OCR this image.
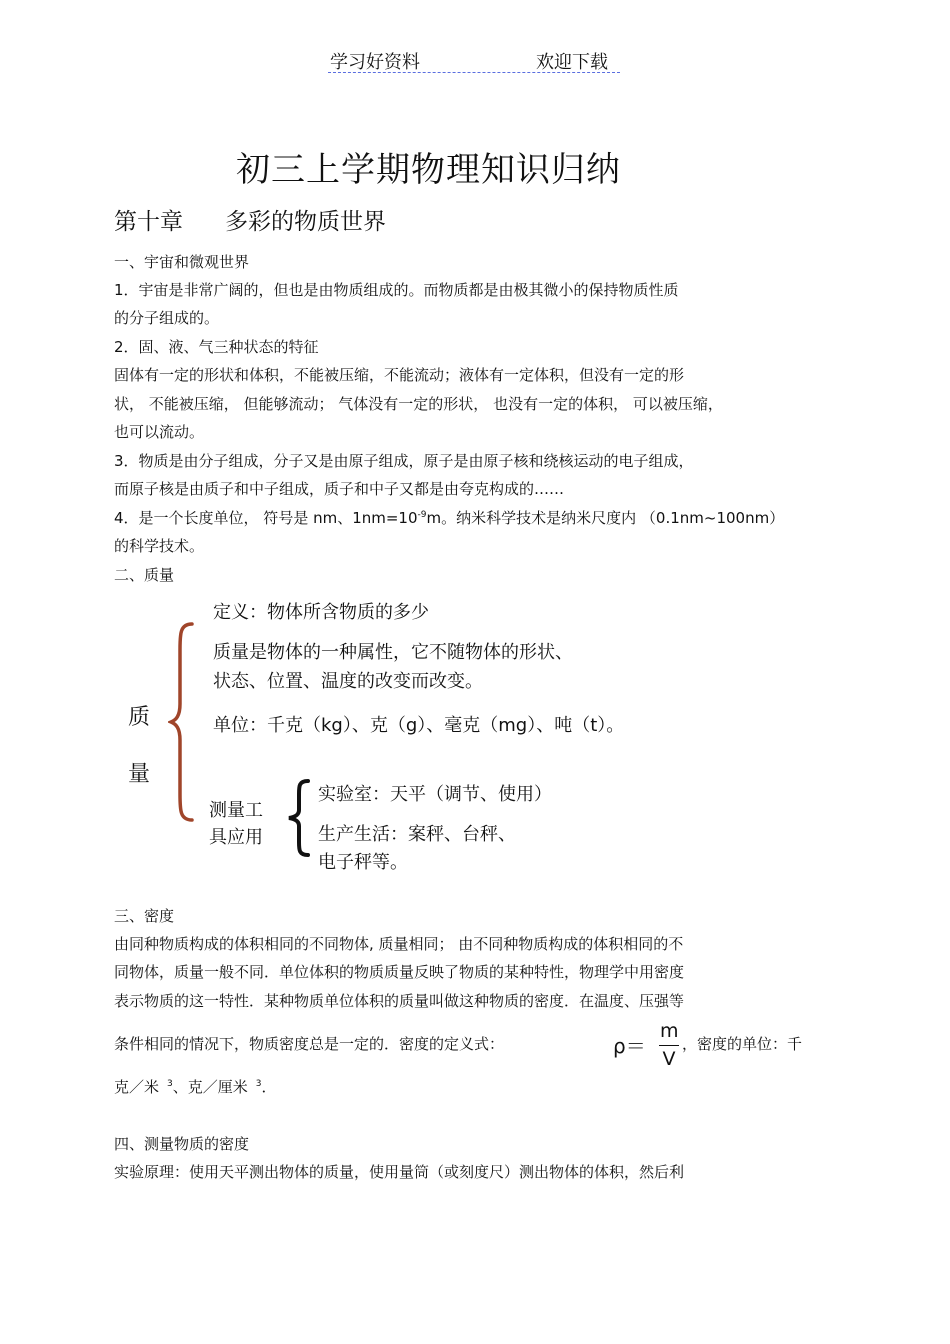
学习好资料	欢迎下载
初三上学期物理知识归纳
第十章 多彩的物质世界
一、宇宙和微观世界
1．宇宙是非常广阔的，但也是由物质组成的。而物质都是由极其微小的保持物质性质
的分子组成的。
2．固、液、气三种状态的特征
固体有一定的形状和体积，不能被压缩，不能流动；液体有一定体积，但没有一定的形
状， 不能被压缩， 但能够流动； 气体没有一定的形状， 也没有一定的体积， 可以被压缩，
也可以流动。
3．物质是由分子组成，分子又是由原子组成，原子是由原子核和绕核运动的电子组成，
而原子核是由质子和中子组成，质子和中子又都是由夸克构成的……
4．是一个长度单位， 符号是 nm、$1nm=10^{-9}m$。纳米科学技术是纳米尺度内 （0.1nm~100nm）
的科学技术。
二、质量
质
量
定义：物体所含物质的多少
质量是物体的一种属性，它不随物体的形状、
状态、位置、温度的改变而改变。
单位：千克（kg）、克（g）、毫克（mg）、吨（t）。
测量工
具应用
实验室：天平（调节、使用）
生产生活：案秤、台秤、
电子秤等。
三、密度
由同种物质构成的体积相同的不同物体, 质量相同； 由不同种物质构成的体积相同的不
同物体，质量一般不同．单位体积的物质质量反映了物质的某种特性，物理学中用密度
表示物质的这一特性．某种物质单位体积的质量叫做这种物质的密度．在温度、压强等
条件相同的情况下，物质密度总是一定的．密度的定义式：	ρ＝
m
V
，密度的单位：千
克／米 $^3$、克／厘米 $^3$．
四、测量物质的密度
实验原理：使用天平测出物体的质量，使用量筒（或刻度尺）测出物体的体积，然后利
